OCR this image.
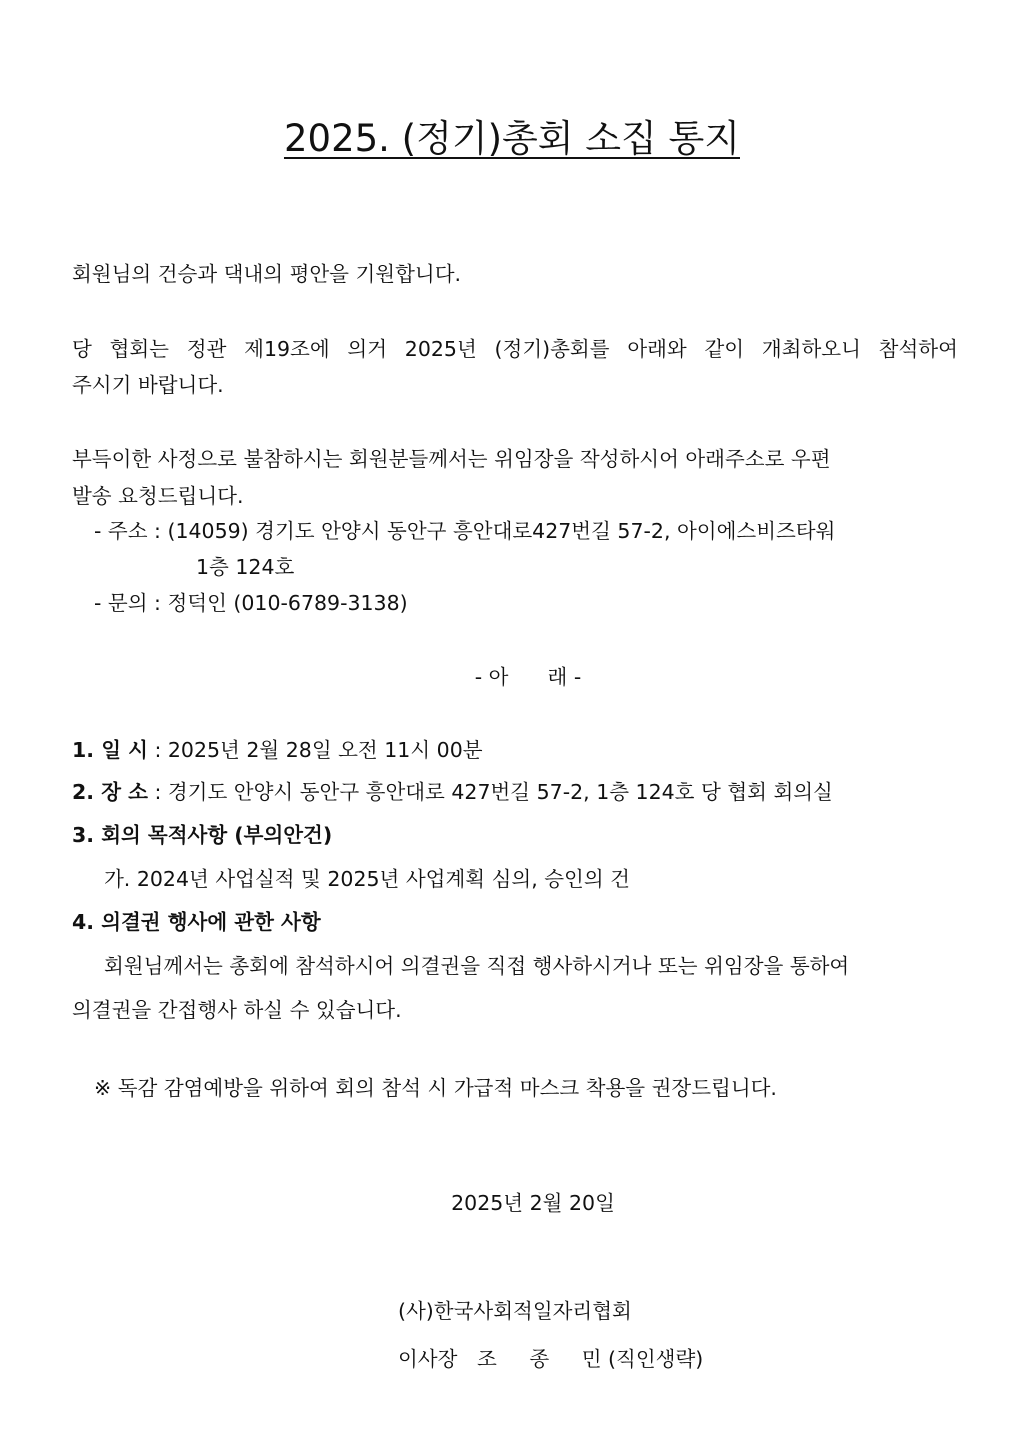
2025. (정기)총회 소집 통지
회원님의 건승과 댁내의 평안을 기원합니다.
당 협회는 정관 제19조에 의거 2025년 (정기)총회를 아래와 같이 개최하오니 참석하여
주시기 바랍니다.
부득이한 사정으로 불참하시는 회원분들께서는 위임장을 작성하시어 아래주소로 우편
발송 요청드립니다.
- 주소 : (14059) 경기도 안양시 동안구 흥안대로427번길 57-2, 아이에스비즈타워
1층 124호
- 문의 : 정덕인 (010-6789-3138)
- 아      래 -
1. 일 시 : 2025년 2월 28일 오전 11시 00분
2. 장 소 : 경기도 안양시 동안구 흥안대로 427번길 57-2, 1층 124호 당 협회 회의실
3. 회의 목적사항 (부의안건)
가. 2024년 사업실적 및 2025년 사업계획 심의, 승인의 건
4. 의결권 행사에 관한 사항
회원님께서는 총회에 참석하시어 의결권을 직접 행사하시거나 또는 위임장을 통하여
의결권을 간접행사 하실 수 있습니다.
※ 독감 감염예방을 위하여 회의 참석 시 가급적 마스크 착용을 권장드립니다.
2025년 2월 20일
(사)한국사회적일자리협회
이사장   조     종     민 (직인생략)
